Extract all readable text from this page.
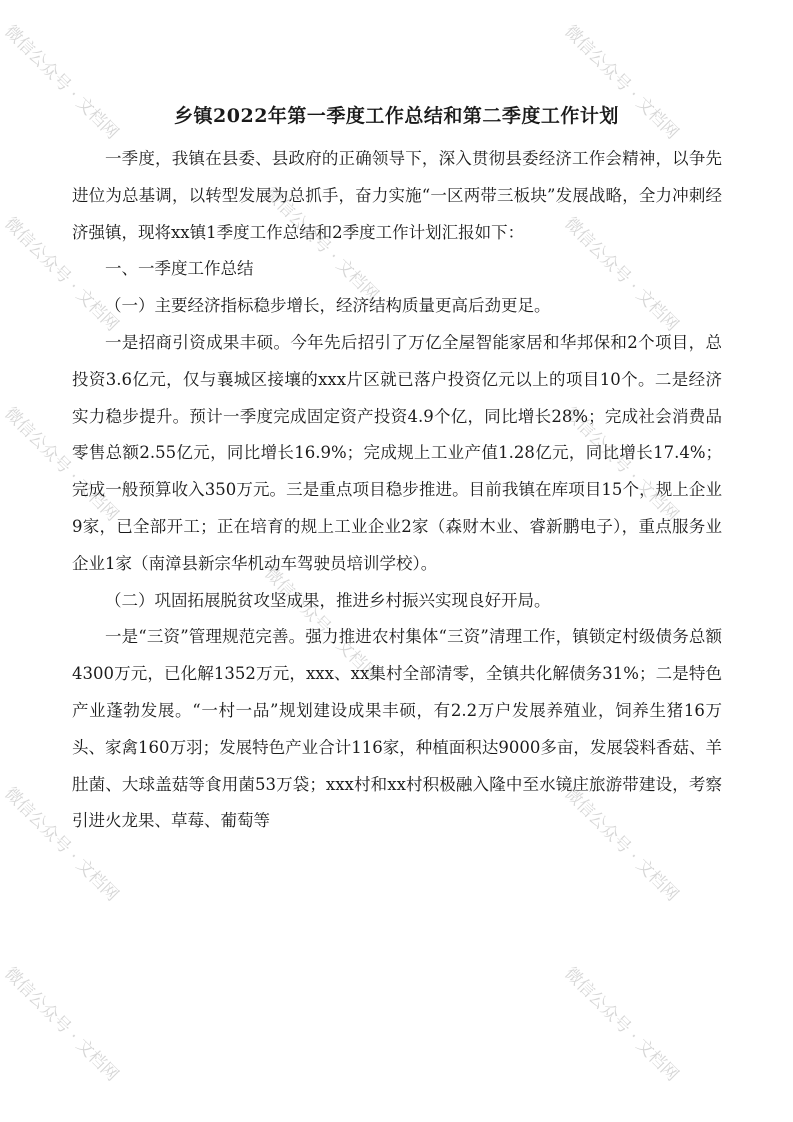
微信公众号 · 文档网	微信公众号 · 文档网
微信公众号 · 文档网	微信公众号 · 文档网	微信公众号 · 文档网
微信公众号 · 文档网	微信公众号 · 文档网
微信公众号 · 文档网
微信公众号 · 文档网	微信公众号 · 文档网
微信公众号 · 文档网	微信公众号 · 文档网
乡镇2022年第一季度工作总结和第二季度工作计划

一季度，我镇在县委、县政府的正确领导下，深入贯彻县委经济工作会精神，以争先进位为总基调，以转型发展为总抓手，奋力实施“一区两带三板块”发展战略，全力冲刺经济强镇，现将xx镇1季度工作总结和2季度工作计划汇报如下：

一、一季度工作总结

（一）主要经济指标稳步增长，经济结构质量更高后劲更足。

一是招商引资成果丰硕。今年先后招引了万亿全屋智能家居和华邦保和2个项目，总投资3.6亿元，仅与襄城区接壤的xxx片区就已落户投资亿元以上的项目10个。二是经济实力稳步提升。预计一季度完成固定资产投资4.9个亿，同比增长28%；完成社会消费品零售总额2.55亿元，同比增长16.9%；完成规上工业产值1.28亿元，同比增长17.4%；完成一般预算收入350万元。三是重点项目稳步推进。目前我镇在库项目15个，规上企业9家，已全部开工；正在培育的规上工业企业2家（森财木业、睿新鹏电子），重点服务业企业1家（南漳县新宗华机动车驾驶员培训学校）。

（二）巩固拓展脱贫攻坚成果，推进乡村振兴实现良好开局。

一是“三资”管理规范完善。强力推进农村集体“三资”清理工作，镇锁定村级债务总额4300万元，已化解1352万元，xxx、xx集村全部清零，全镇共化解债务31%；二是特色产业蓬勃发展。“一村一品”规划建设成果丰硕，有2.2万户发展养殖业，饲养生猪16万头、家禽160万羽；发展特色产业合计116家，种植面积达9000多亩，发展袋料香菇、羊肚菌、大球盖菇等食用菌53万袋；xxx村和xx村积极融入隆中至水镜庄旅游带建设，考察引进火龙果、草莓、葡萄等
